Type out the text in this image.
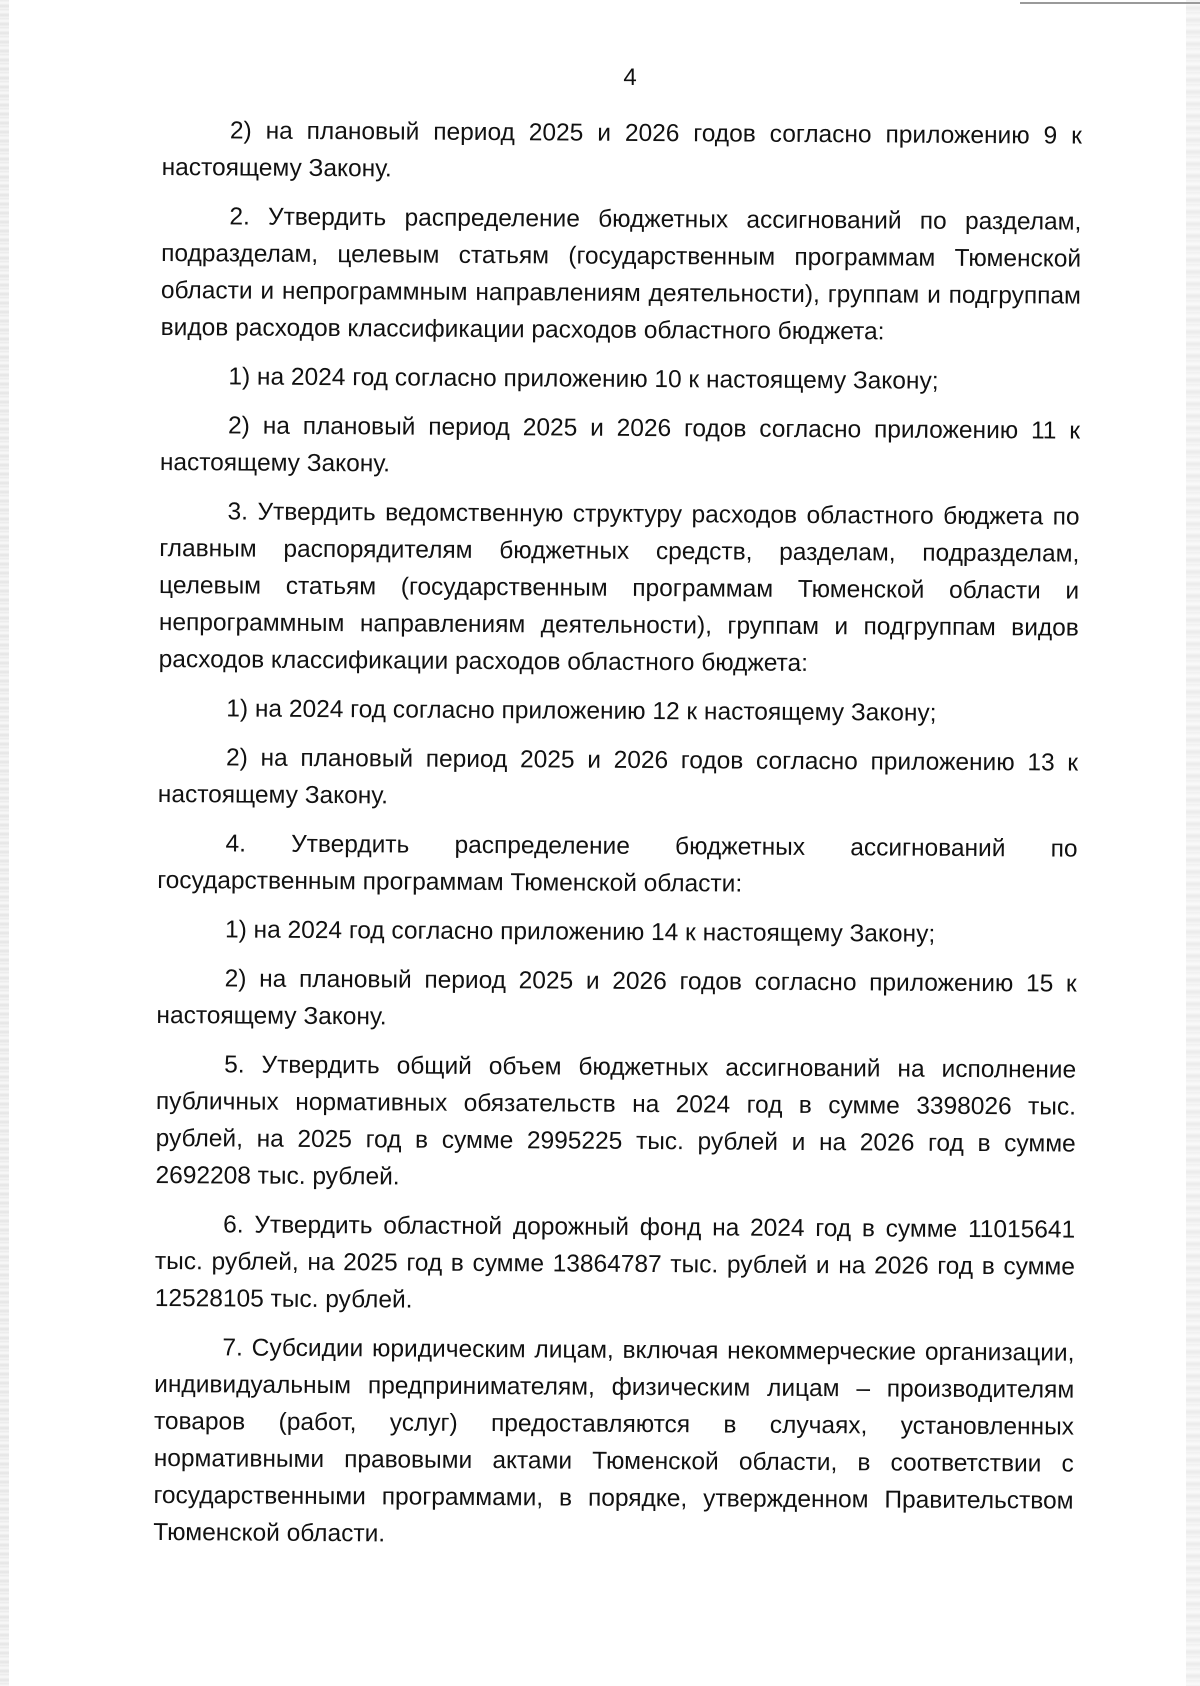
4

2) на плановый период 2025 и 2026 годов согласно приложению 9 к настоящему Закону.

2. Утвердить распределение бюджетных ассигнований по разделам, подразделам, целевым статьям (государственным программам Тюменской области и непрограммным направлениям деятельности), группам и подгруппам видов расходов классификации расходов областного бюджета:

1) на 2024 год согласно приложению 10 к настоящему Закону;

2) на плановый период 2025 и 2026 годов согласно приложению 11 к настоящему Закону.

3. Утвердить ведомственную структуру расходов областного бюджета по главным распорядителям бюджетных средств, разделам, подразделам, целевым статьям (государственным программам Тюменской области и непрограммным направлениям деятельности), группам и подгруппам видов расходов классификации расходов областного бюджета:

1) на 2024 год согласно приложению 12 к настоящему Закону;

2) на плановый период 2025 и 2026 годов согласно приложению 13 к настоящему Закону.

4. Утвердить распределение бюджетных ассигнований по государственным программам Тюменской области:

1) на 2024 год согласно приложению 14 к настоящему Закону;

2) на плановый период 2025 и 2026 годов согласно приложению 15 к настоящему Закону.

5. Утвердить общий объем бюджетных ассигнований на исполнение публичных нормативных обязательств на 2024 год в сумме 3398026 тыс. рублей, на 2025 год в сумме 2995225 тыс. рублей и на 2026 год в сумме 2692208 тыс. рублей.

6. Утвердить областной дорожный фонд на 2024 год в сумме 11015641 тыс. рублей, на 2025 год в сумме 13864787 тыс. рублей и на 2026 год в сумме 12528105 тыс. рублей.

7. Субсидии юридическим лицам, включая некоммерческие организации, индивидуальным предпринимателям, физическим лицам – производителям товаров (работ, услуг) предоставляются в случаях, установленных нормативными правовыми актами Тюменской области, в соответствии с государственными программами, в порядке, утвержденном Правительством Тюменской области.
